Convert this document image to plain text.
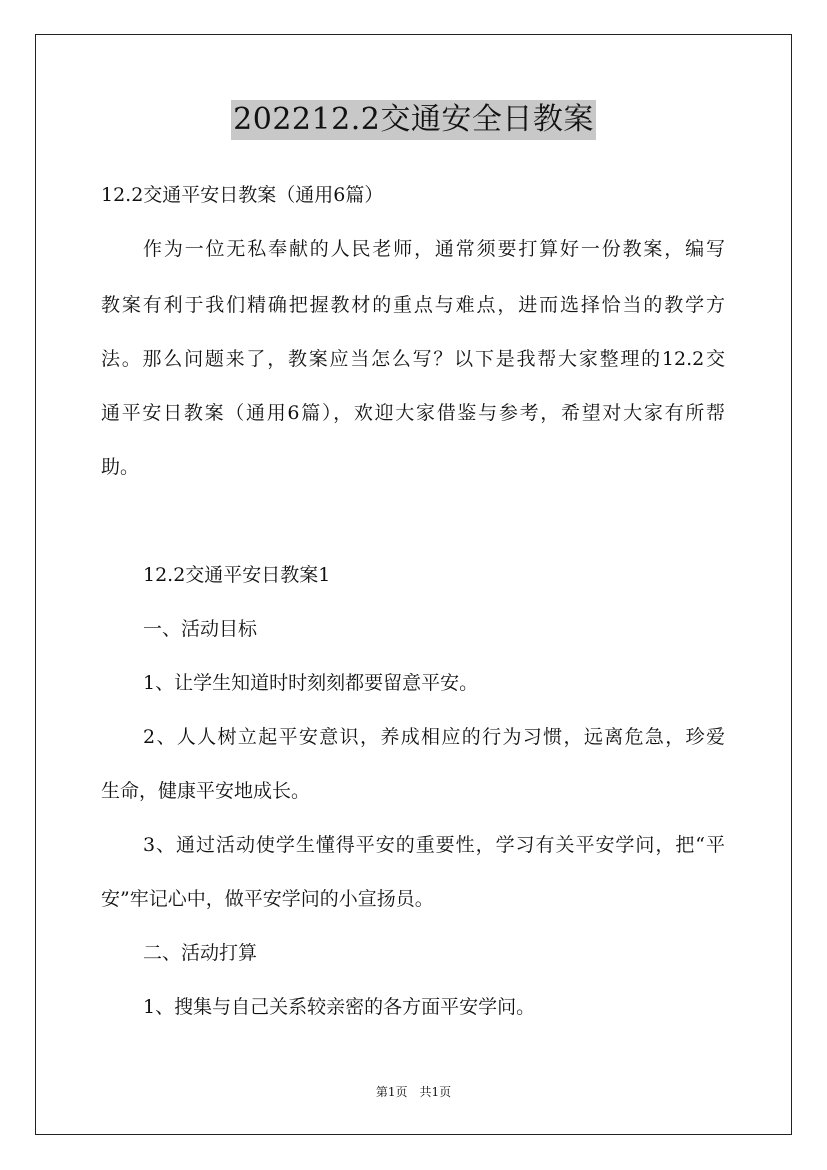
202212.2交通安全日教案
12.2交通平安日教案（通用6篇）
作为一位无私奉献的人民老师，通常须要打算好一份教案，编写
教案有利于我们精确把握教材的重点与难点，进而选择恰当的教学方
法。那么问题来了，教案应当怎么写？以下是我帮大家整理的12.2交
通平安日教案（通用6篇），欢迎大家借鉴与参考，希望对大家有所帮
助。
12.2交通平安日教案1
一、活动目标
1、让学生知道时时刻刻都要留意平安。
2、人人树立起平安意识，养成相应的行为习惯，远离危急，珍爱
生命，健康平安地成长。
3、通过活动使学生懂得平安的重要性，学习有关平安学问，把“平
安”牢记心中，做平安学问的小宣扬员。
二、活动打算
1、搜集与自己关系较亲密的各方面平安学问。
第1页　共1页
